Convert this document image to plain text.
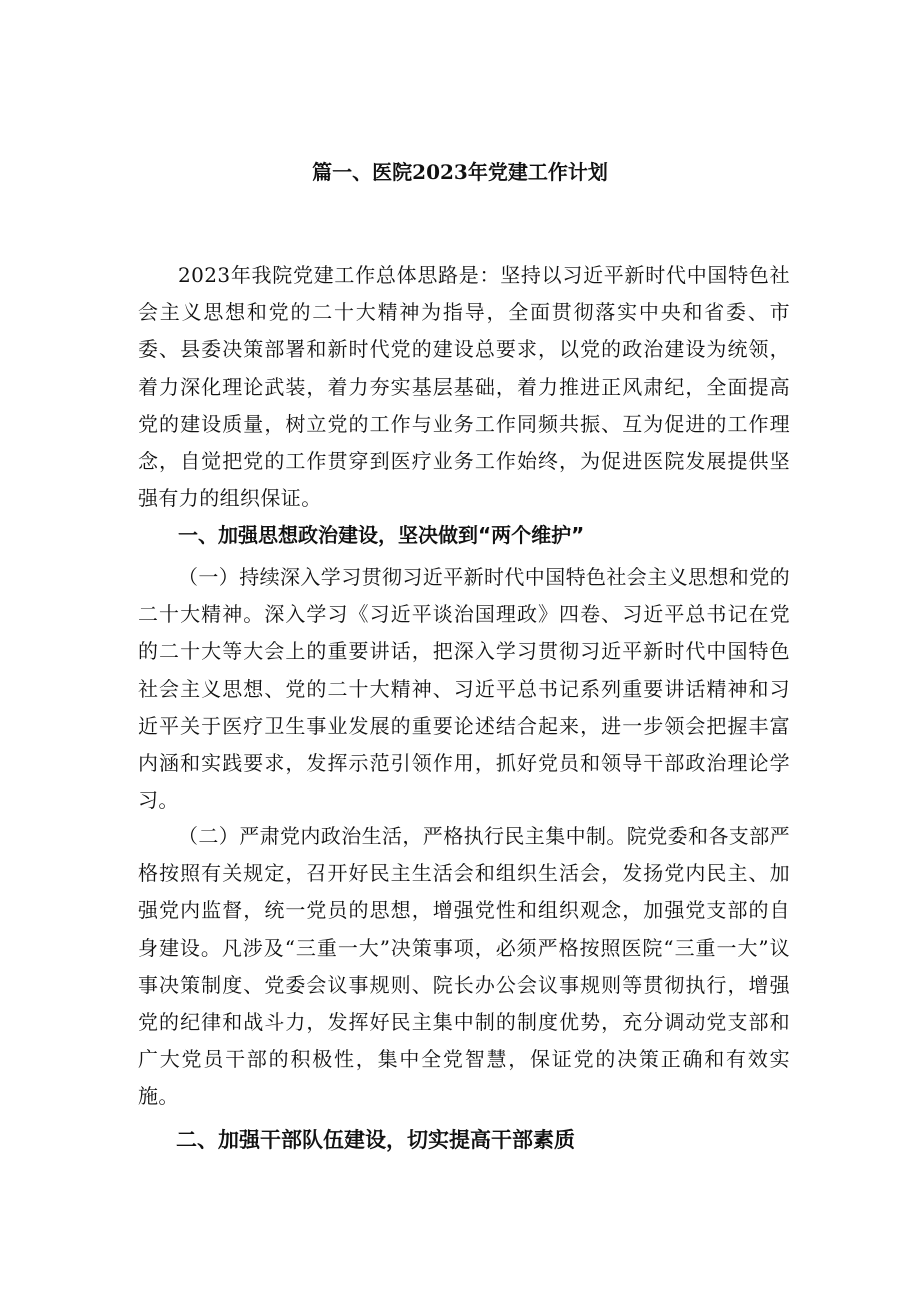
篇一、医院2023年党建工作计划

2023年我院党建工作总体思路是：坚持以习近平新时代中国特色社会主义思想和党的二十大精神为指导，全面贯彻落实中央和省委、市委、县委决策部署和新时代党的建设总要求，以党的政治建设为统领，着力深化理论武装，着力夯实基层基础，着力推进正风肃纪，全面提高党的建设质量，树立党的工作与业务工作同频共振、互为促进的工作理念，自觉把党的工作贯穿到医疗业务工作始终，为促进医院发展提供坚强有力的组织保证。

一、加强思想政治建设，坚决做到“两个维护”

（一）持续深入学习贯彻习近平新时代中国特色社会主义思想和党的二十大精神。深入学习《习近平谈治国理政》四卷、习近平总书记在党的二十大等大会上的重要讲话，把深入学习贯彻习近平新时代中国特色社会主义思想、党的二十大精神、习近平总书记系列重要讲话精神和习近平关于医疗卫生事业发展的重要论述结合起来，进一步领会把握丰富内涵和实践要求，发挥示范引领作用，抓好党员和领导干部政治理论学习。

（二）严肃党内政治生活，严格执行民主集中制。院党委和各支部严格按照有关规定，召开好民主生活会和组织生活会，发扬党内民主、加强党内监督，统一党员的思想，增强党性和组织观念，加强党支部的自身建设。凡涉及“三重一大”决策事项，必须严格按照医院“三重一大”议事决策制度、党委会议事规则、院长办公会议事规则等贯彻执行，增强党的纪律和战斗力，发挥好民主集中制的制度优势，充分调动党支部和广大党员干部的积极性，集中全党智慧，保证党的决策正确和有效实施。

二、加强干部队伍建设，切实提高干部素质
